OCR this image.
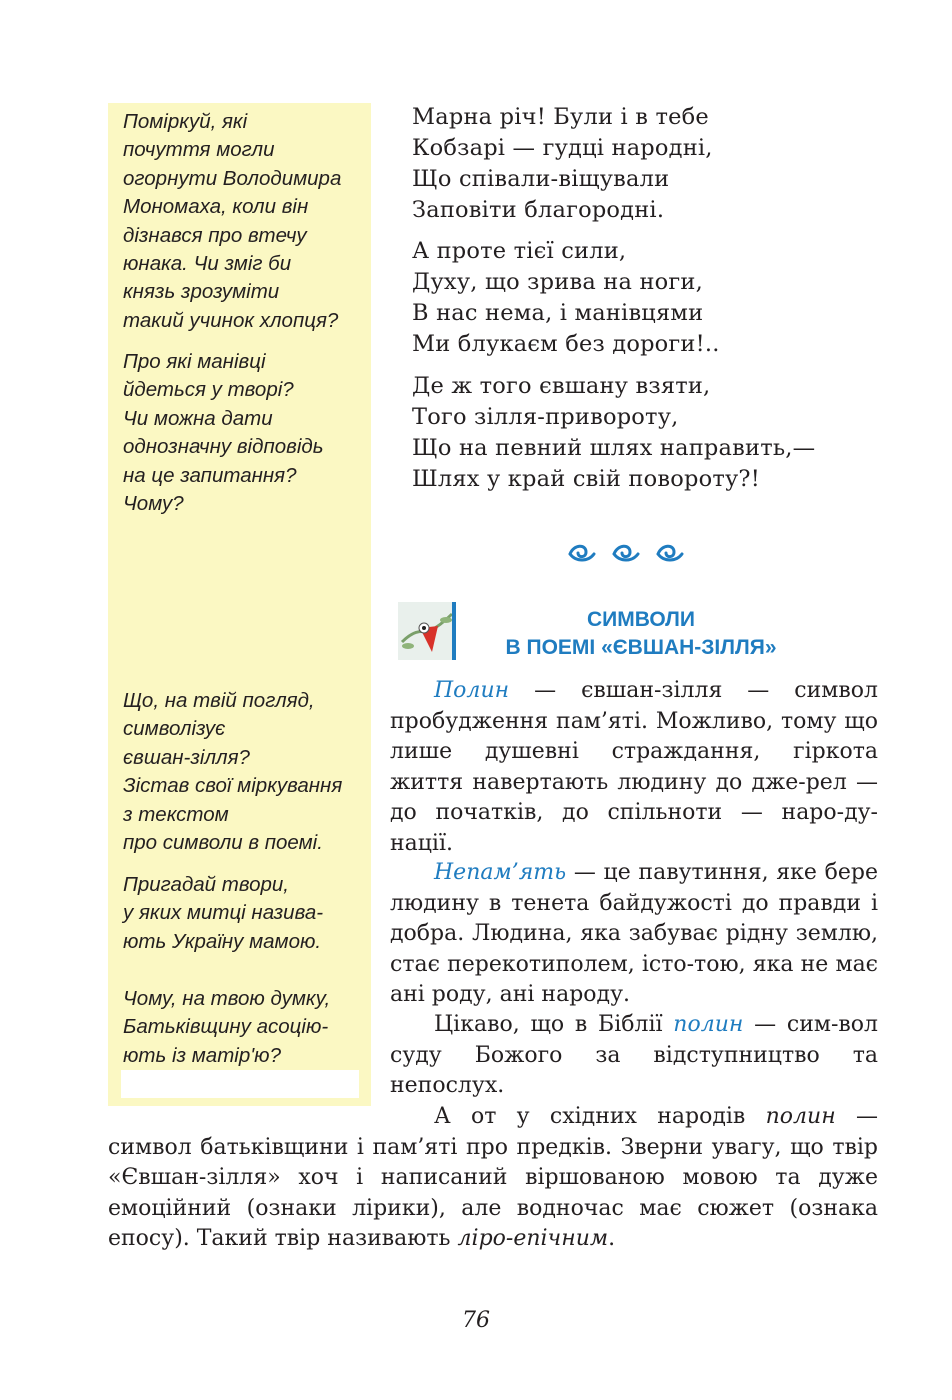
Поміркуй, які
почуття могли
огорнути Володимира
Мономаха, коли він
дізнався про втечу
юнака. Чи зміг би
князь зрозуміти
такий учинок хлопця?
Про які манівці
йдеться у творі?
Чи можна дати
однозначну відповідь
на це запитання?
Чому?
Що, на твій погляд,
символізує
євшан-зілля?
Зістав свої міркування
з текстом
про символи в поемі.
Пригадай твори,
у яких митці назива-
ють Україну мамою.
Чому, на твою думку,
Батьківщину асоцію-
ють із матір'ю?
Марна річ! Були і в тебе
Кобзарі — гудці народні,
Що співали-віщували
Заповіти благородні.
А проте тієї сили,
Духу, що зрива на ноги,
В нас нема, і манівцями
Ми блукаєм без дороги!..
Де ж того євшану взяти,
Того зілля-привороту,
Що на певний шлях направить,—
Шлях у край свій повороту?!
СИМВОЛИ
В ПОЕМІ «ЄВШАН-ЗІЛЛЯ»
Полин — євшан-зілля — символ пробудження пам’яті. Можливо, тому що лише душевні страждання, гіркота життя навертають людину до дже-рел — до початків, до спільноти — наро-ду-нації.
Непам’ять — це павутиння, яке бере людину в тенета байдужості до правди і добра. Людина, яка забуває рідну землю, стає перекотиполем, істо-тою, яка не має ані роду, ані народу.
Цікаво, що в Біблії полин — сим-вол суду Божого за відступництво та непослух.
А от у східних народів полин — символ батьківщини і пам’яті про предків. Зверни увагу, що твір «Євшан-зілля» хоч і написаний віршованою мовою та дуже емоційний (ознаки лірики), але водночас має сюжет (ознака епосу). Такий твір називають ліро-епічним.
76
